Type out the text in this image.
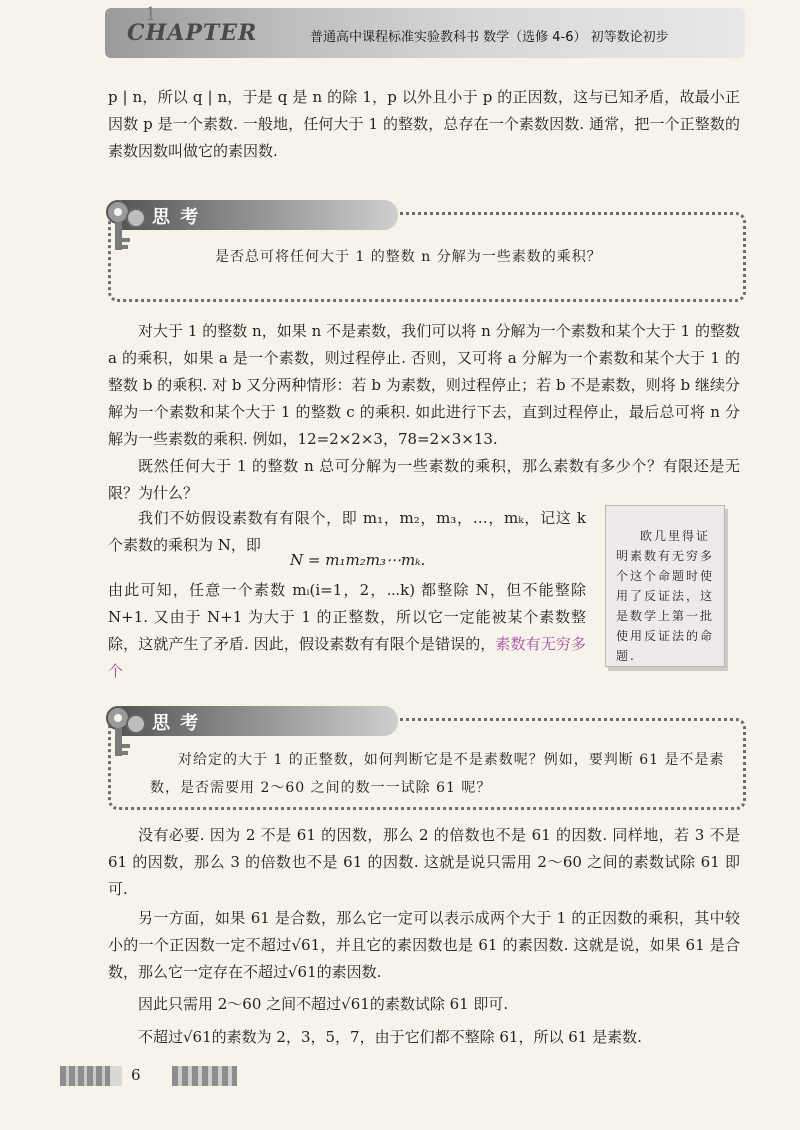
1
CHAPTER	普通高中课程标准实验教科书 数学（选修 4-6） 初等数论初步

p | n，所以 q | n，于是 q 是 n 的除 1，p 以外且小于 p 的正因数，这与已知矛盾，故最小正因数 p 是一个素数. 一般地，任何大于 1 的整数，总存在一个素数因数. 通常，把一个正整数的素数因数叫做它的素因数.

思 考
是否总可将任何大于 1 的整数 n 分解为一些素数的乘积？

对大于 1 的整数 n，如果 n 不是素数，我们可以将 n 分解为一个素数和某个大于 1 的整数 a 的乘积，如果 a 是一个素数，则过程停止. 否则，又可将 a 分解为一个素数和某个大于 1 的整数 b 的乘积. 对 b 又分两种情形：若 b 为素数，则过程停止；若 b 不是素数，则将 b 继续分解为一个素数和某个大于 1 的整数 c 的乘积. 如此进行下去，直到过程停止，最后总可将 n 分解为一些素数的乘积. 例如，12=2×2×3，78=2×3×13.

既然任何大于 1 的整数 n 总可分解为一些素数的乘积，那么素数有多少个？有限还是无限？为什么？

我们不妨假设素数有有限个，即 m₁，m₂，m₃，…，mₖ，记这 k 个素数的乘积为 N，即

N = m₁m₂m₃⋯mₖ.

由此可知，任意一个素数 mᵢ(i=1，2，⋯k) 都整除 N，但不能整除 N+1. 又由于 N+1 为大于 1 的正整数，所以它一定能被某个素数整除，这就产生了矛盾. 因此，假设素数有有限个是错误的，素数有无穷多个

欧几里得证明素数有无穷多个这个命题时使用了反证法，这是数学上第一批使用反证法的命题.
思 考
对给定的大于 1 的正整数，如何判断它是不是素数呢？例如，要判断 61 是不是素数，是否需要用 2～60 之间的数一一试除 61 呢？

没有必要. 因为 2 不是 61 的因数，那么 2 的倍数也不是 61 的因数. 同样地，若 3 不是 61 的因数，那么 3 的倍数也不是 61 的因数. 这就是说只需用 2～60 之间的素数试除 61 即可.

另一方面，如果 61 是合数，那么它一定可以表示成两个大于 1 的正因数的乘积，其中较小的一个正因数一定不超过√61，并且它的素因数也是 61 的素因数. 这就是说，如果 61 是合数，那么它一定存在不超过√61的素因数.

因此只需用 2～60 之间不超过√61的素数试除 61 即可.

不超过√61的素数为 2，3，5，7，由于它们都不整除 61，所以 61 是素数.

6
